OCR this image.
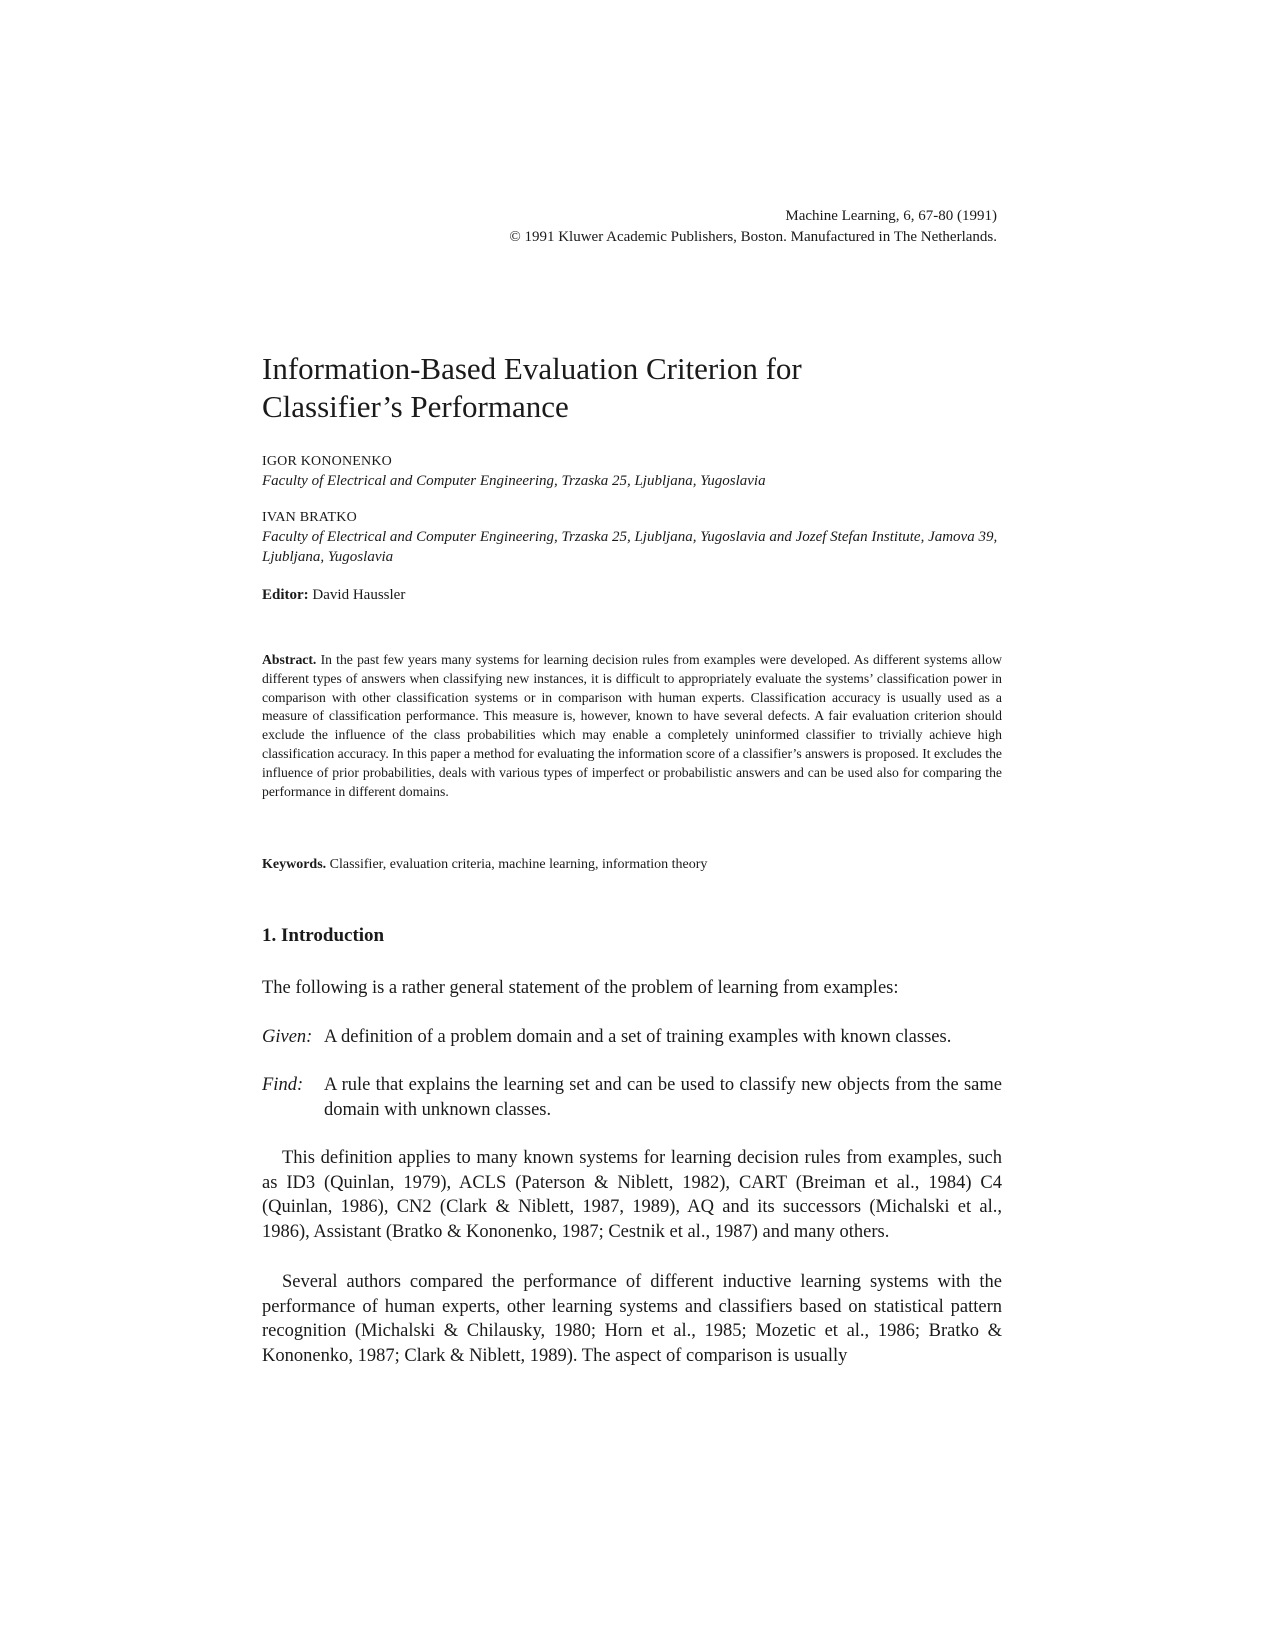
Machine Learning, 6, 67-80 (1991)
© 1991 Kluwer Academic Publishers, Boston. Manufactured in The Netherlands.
Information-Based Evaluation Criterion for
Classifier’s Performance
IGOR KONONENKO
Faculty of Electrical and Computer Engineering, Trzaska 25, Ljubljana, Yugoslavia
IVAN BRATKO
Faculty of Electrical and Computer Engineering, Trzaska 25, Ljubljana, Yugoslavia and Jozef Stefan Institute, Jamova 39, Ljubljana, Yugoslavia
Editor: David Haussler

Abstract. In the past few years many systems for learning decision rules from examples were developed. As different systems allow different types of answers when classifying new instances, it is difficult to appropriately evaluate the systems’ classification power in comparison with other classification systems or in comparison with human experts. Classification accuracy is usually used as a measure of classification performance. This measure is, however, known to have several defects. A fair evaluation criterion should exclude the influence of the class probabilities which may enable a completely uninformed classifier to trivially achieve high classification accuracy. In this paper a method for evaluating the information score of a classifier’s answers is proposed. It excludes the influence of prior probabilities, deals with various types of imperfect or probabilistic answers and can be used also for comparing the performance in different domains.

Keywords. Classifier, evaluation criteria, machine learning, information theory

1. Introduction

The following is a rather general statement of the problem of learning from examples:

Given: A definition of a problem domain and a set of training examples with known classes.
Find:	A rule that explains the learning set and can be used to classify new objects from the same domain with unknown classes.

This definition applies to many known systems for learning decision rules from examples, such as ID3 (Quinlan, 1979), ACLS (Paterson & Niblett, 1982), CART (Breiman et al., 1984) C4 (Quinlan, 1986), CN2 (Clark & Niblett, 1987, 1989), AQ and its successors (Michalski et al., 1986), Assistant (Bratko & Kononenko, 1987; Cestnik et al., 1987) and many others.

Several authors compared the performance of different inductive learning systems with the performance of human experts, other learning systems and classifiers based on statistical pattern recognition (Michalski & Chilausky, 1980; Horn et al., 1985; Mozetic et al., 1986; Bratko & Kononenko, 1987; Clark & Niblett, 1989). The aspect of comparison is usually
